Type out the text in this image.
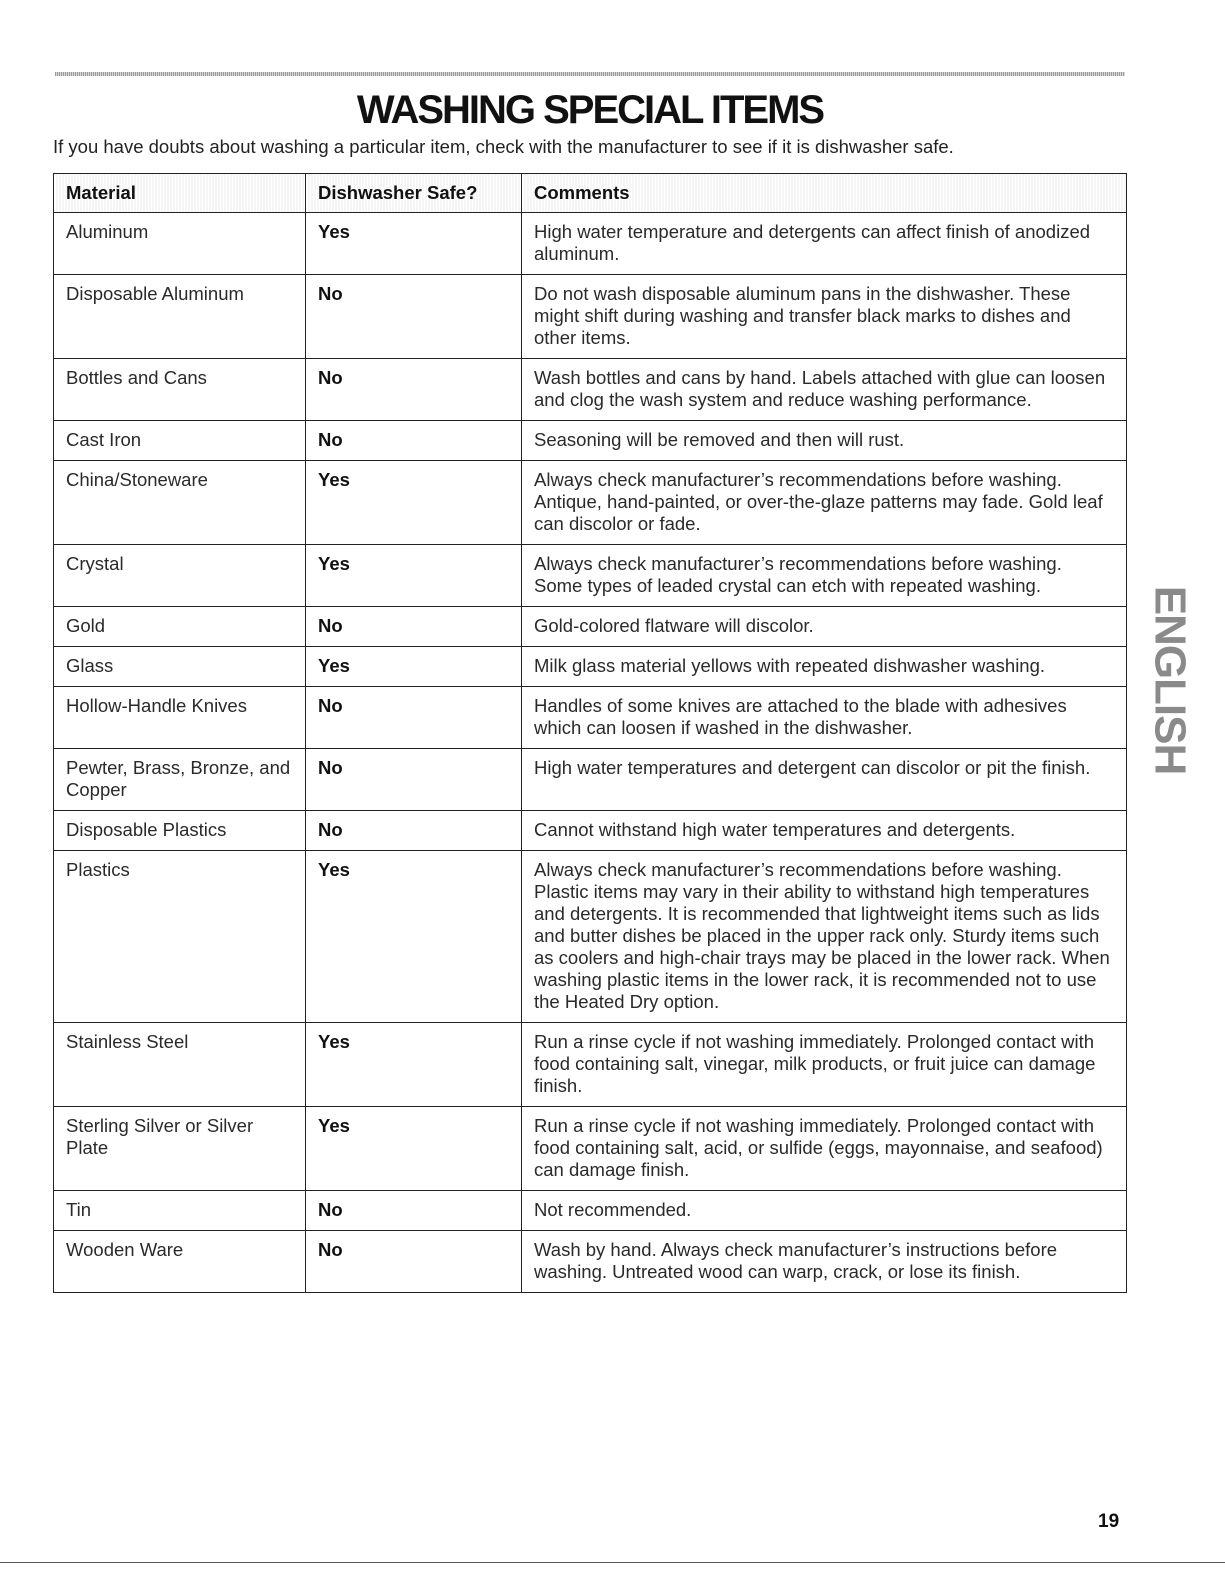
WASHING SPECIAL ITEMS
If you have doubts about washing a particular item, check with the manufacturer to see if it is dishwasher safe.
Material	Dishwasher Safe?	Comments
Aluminum	Yes	High water temperature and detergents can affect finish of anodized aluminum.
Disposable Aluminum	No	Do not wash disposable aluminum pans in the dishwasher. These might shift during washing and transfer black marks to dishes and other items.
Bottles and Cans	No	Wash bottles and cans by hand. Labels attached with glue can loosen and clog the wash system and reduce washing performance.
Cast Iron	No	Seasoning will be removed and then will rust.
China/Stoneware	Yes	Always check manufacturer’s recommendations before washing. Antique, hand-painted, or over-the-glaze patterns may fade. Gold leaf can discolor or fade.
Crystal	Yes	Always check manufacturer’s recommendations before washing. Some types of leaded crystal can etch with repeated washing.
Gold	No	Gold-colored flatware will discolor.
Glass	Yes	Milk glass material yellows with repeated dishwasher washing.
Hollow-Handle Knives	No	Handles of some knives are attached to the blade with adhesives which can loosen if washed in the dishwasher.
Pewter, Brass, Bronze, and Copper	No	High water temperatures and detergent can discolor or pit the finish.
Disposable Plastics	No	Cannot withstand high water temperatures and detergents.
Plastics	Yes	Always check manufacturer’s recommendations before washing. Plastic items may vary in their ability to withstand high temperatures and detergents. It is recommended that lightweight items such as lids and butter dishes be placed in the upper rack only. Sturdy items such as coolers and high-chair trays may be placed in the lower rack. When washing plastic items in the lower rack, it is recommended not to use the Heated Dry option.
Stainless Steel	Yes	Run a rinse cycle if not washing immediately. Prolonged contact with food containing salt, vinegar, milk products, or fruit juice can damage finish.
Sterling Silver or Silver Plate	Yes	Run a rinse cycle if not washing immediately. Prolonged contact with food containing salt, acid, or sulfide (eggs, mayonnaise, and seafood) can damage finish.
Tin	No	Not recommended.
Wooden Ware	No	Wash by hand. Always check manufacturer’s instructions before washing. Untreated wood can warp, crack, or lose its finish.
ENGLISH
19
